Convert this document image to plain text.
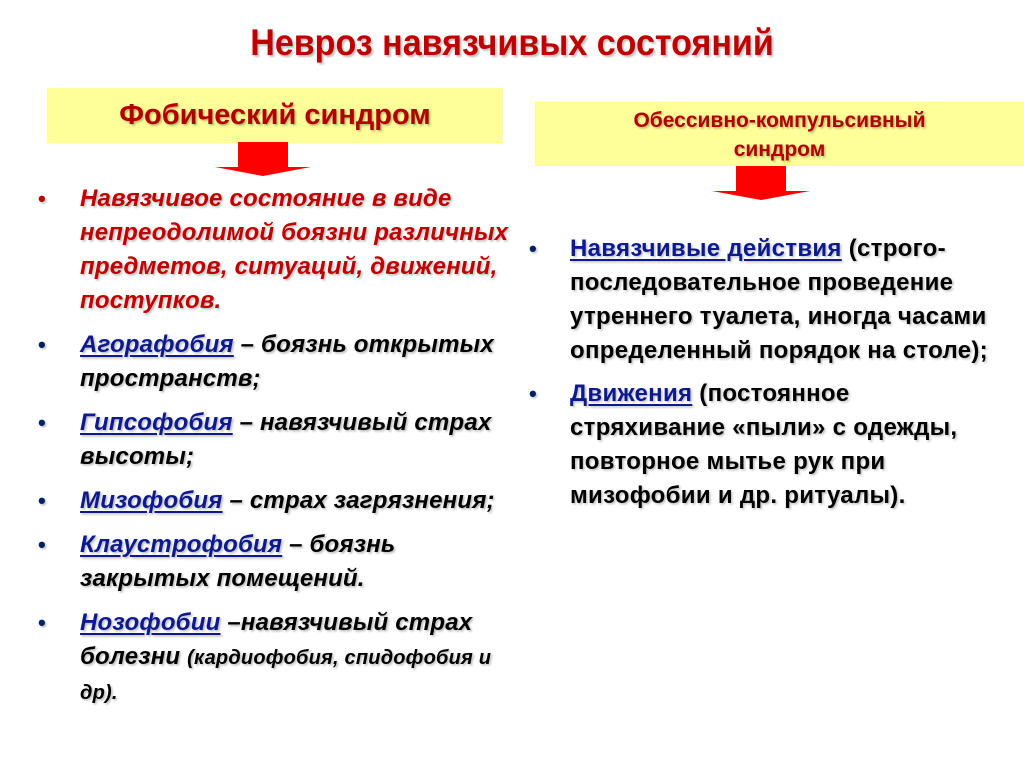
Невроз навязчивых состояний
Фобический синдром	Обессивно-компульсивный
синдром
• Навязчивое состояние в виде непреодолимой боязни различных предметов, ситуаций, движений, поступков.
• Агорафобия – боязнь открытых пространств;
• Гипсофобия – навязчивый страх высоты;
• Мизофобия – страх загрязнения;
• Клаустрофобия – боязнь закрытых помещений.
• Нозофобии –навязчивый страх болезни (кардиофобия, спидофобия и др).
• Навязчивые действия (строго-последовательное проведение утреннего туалета, иногда часами определенный порядок на столе);
• Движения (постоянное стряхивание «пыли» с одежды, повторное мытье рук при мизофобии и др. ритуалы).
